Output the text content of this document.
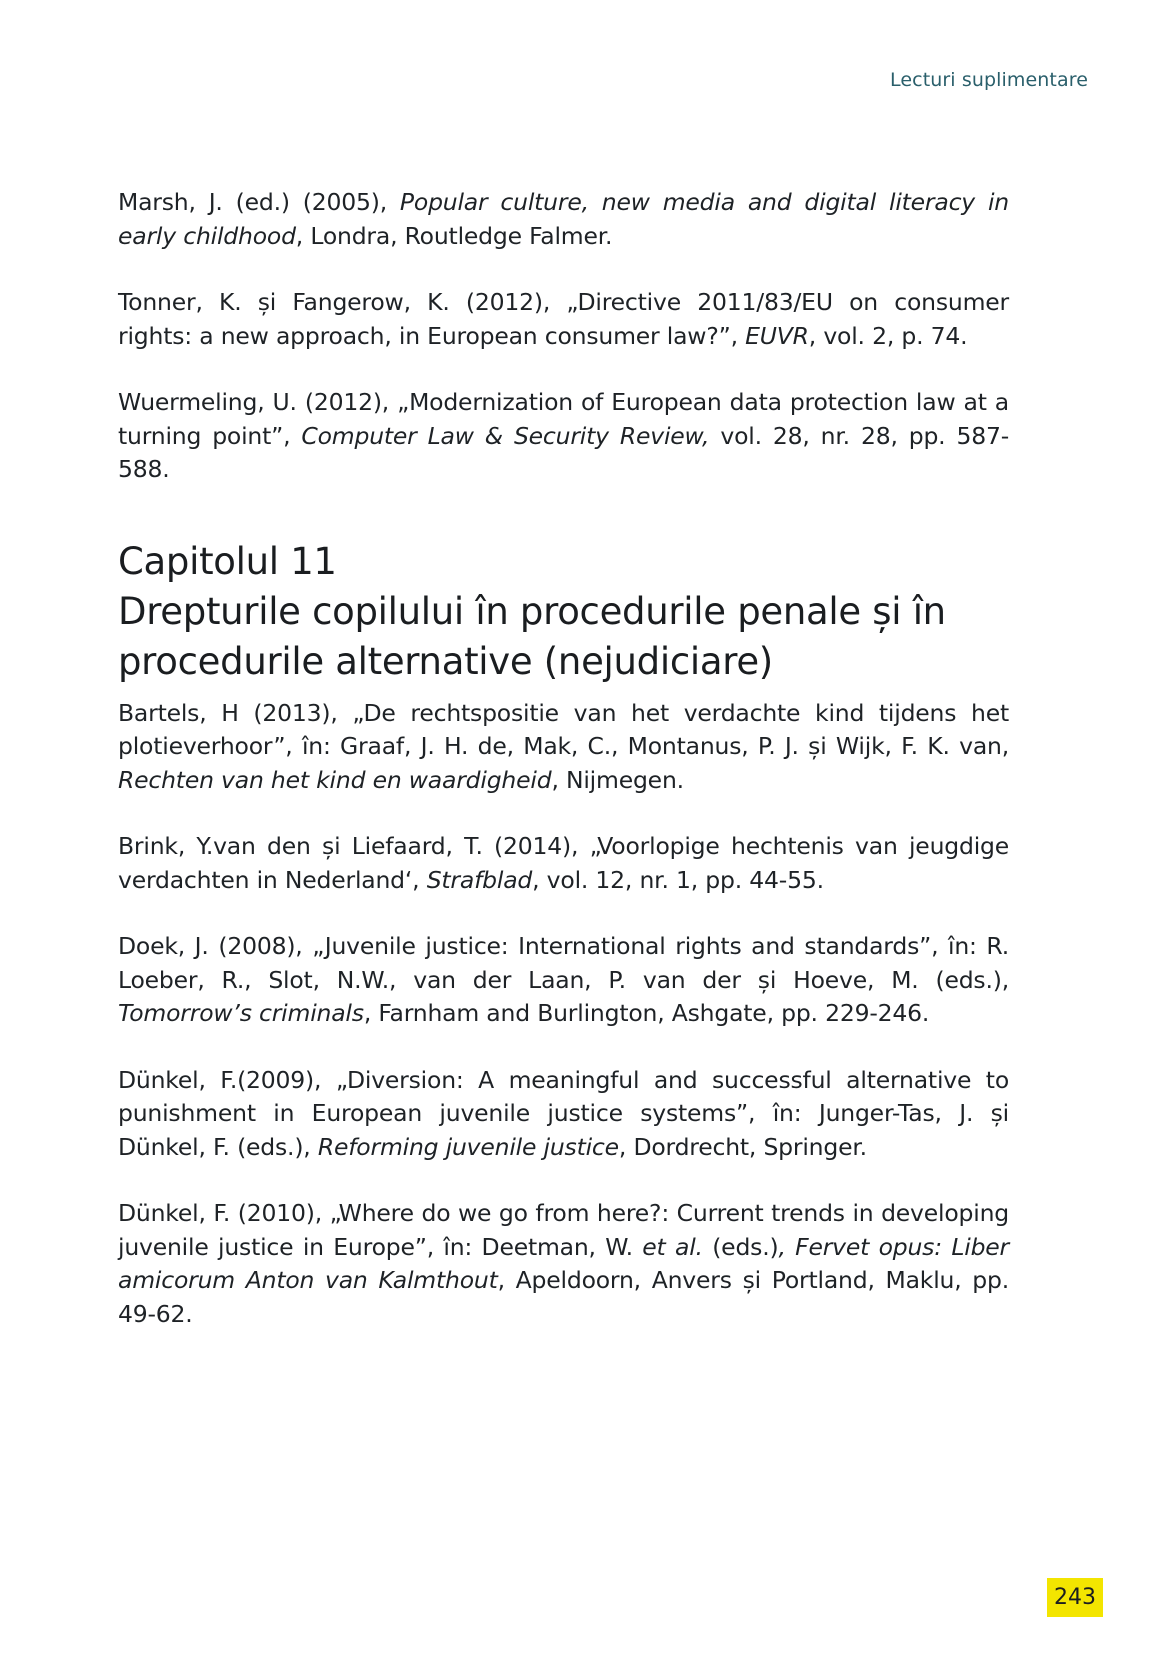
Lecturi suplimentare

Marsh, J. (ed.) (2005), Popular culture, new media and digital literacy in early childhood, Londra, Routledge Falmer.

Tonner, K. și Fangerow, K. (2012), „Directive 2011/83/EU on consumer rights: a new approach, in European consumer law?”, EUVR, vol. 2, p. 74.

Wuermeling, U. (2012), „Modernization of European data protection law at a turning point”, Computer Law & Security Review, vol. 28, nr. 28, pp. 587-588.

Capitolul 11
Drepturile copilului în procedurile penale și în
procedurile alternative (nejudiciare)

Bartels, H (2013), „De rechtspositie van het verdachte kind tijdens het plotieverhoor”, în: Graaf, J. H. de, Mak, C., Montanus, P. J. și Wijk, F. K. van, Rechten van het kind en waardigheid, Nijmegen.

Brink, Y.van den și Liefaard, T. (2014), „Voorlopige hechtenis van jeugdige verdachten in Nederland‘, Strafblad, vol. 12, nr. 1, pp. 44-55.

Doek, J. (2008), „Juvenile justice: International rights and standards”, în: R. Loeber, R., Slot, N.W., van der Laan, P. van der și Hoeve, M. (eds.), Tomorrow’s criminals, Farnham and Burlington, Ashgate, pp. 229-246.

Dünkel, F.(2009), „Diversion: A meaningful and successful alternative to punishment in European juvenile justice systems”, în: Junger-Tas, J. și Dünkel, F. (eds.), Reforming juvenile justice, Dordrecht, Springer.

Dünkel, F. (2010), „Where do we go from here?: Current trends in developing juvenile justice in Europe”, în: Deetman, W. et al. (eds.), Fervet opus: Liber amicorum Anton van Kalmthout, Apeldoorn, Anvers și Portland, Maklu, pp. 49-62.

243
